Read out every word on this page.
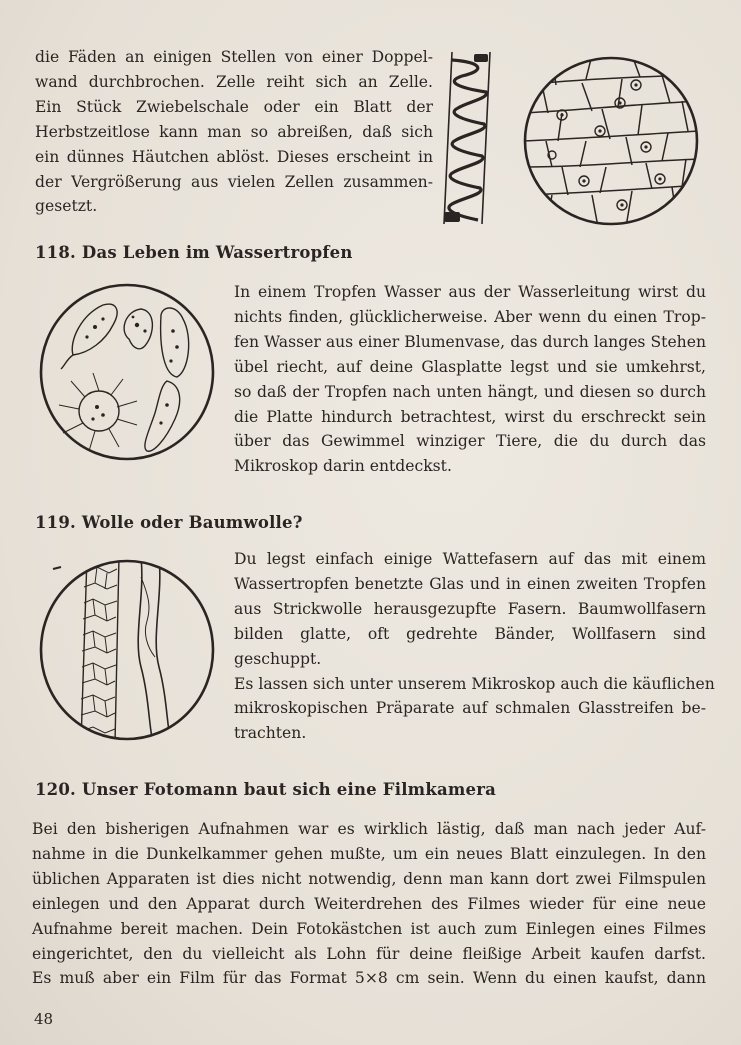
die Fäden an einigen Stellen von einer Doppel-
wand durchbrochen. Zelle reiht sich an Zelle.
Ein Stück Zwiebelschale oder ein Blatt der
Herbstzeitlose kann man so abreißen, daß sich
ein dünnes Häutchen ablöst. Dieses erscheint in
der Vergrößerung aus vielen Zellen zusammen-
gesetzt.
118. Das Leben im Wassertropfen
In einem Tropfen Wasser aus der Wasserleitung wirst du
nichts finden, glücklicherweise. Aber wenn du einen Trop-
fen Wasser aus einer Blumenvase, das durch langes Stehen
übel riecht, auf deine Glasplatte legst und sie umkehrst,
so daß der Tropfen nach unten hängt, und diesen so durch
die Platte hindurch betrachtest, wirst du erschreckt sein
über das Gewimmel winziger Tiere, die du durch das
Mikroskop darin entdeckst.
119. Wolle oder Baumwolle?
Du legst einfach einige Wattefasern auf das mit einem
Wassertropfen benetzte Glas und in einen zweiten Tropfen
aus Strickwolle herausgezupfte Fasern. Baumwollfasern
bilden glatte, oft gedrehte Bänder, Wollfasern sind
geschuppt.
Es lassen sich unter unserem Mikroskop auch die käuflichen
mikroskopischen Präparate auf schmalen Glasstreifen be-
trachten.
120. Unser Fotomann baut sich eine Filmkamera
Bei den bisherigen Aufnahmen war es wirklich lästig, daß man nach jeder Auf-
nahme in die Dunkelkammer gehen mußte, um ein neues Blatt einzulegen. In den
üblichen Apparaten ist dies nicht notwendig, denn man kann dort zwei Filmspulen
einlegen und den Apparat durch Weiterdrehen des Filmes wieder für eine neue
Aufnahme bereit machen. Dein Fotokästchen ist auch zum Einlegen eines Filmes
eingerichtet, den du vielleicht als Lohn für deine fleißige Arbeit kaufen darfst.
Es muß aber ein Film für das Format 5×8 cm sein. Wenn du einen kaufst, dann
48
